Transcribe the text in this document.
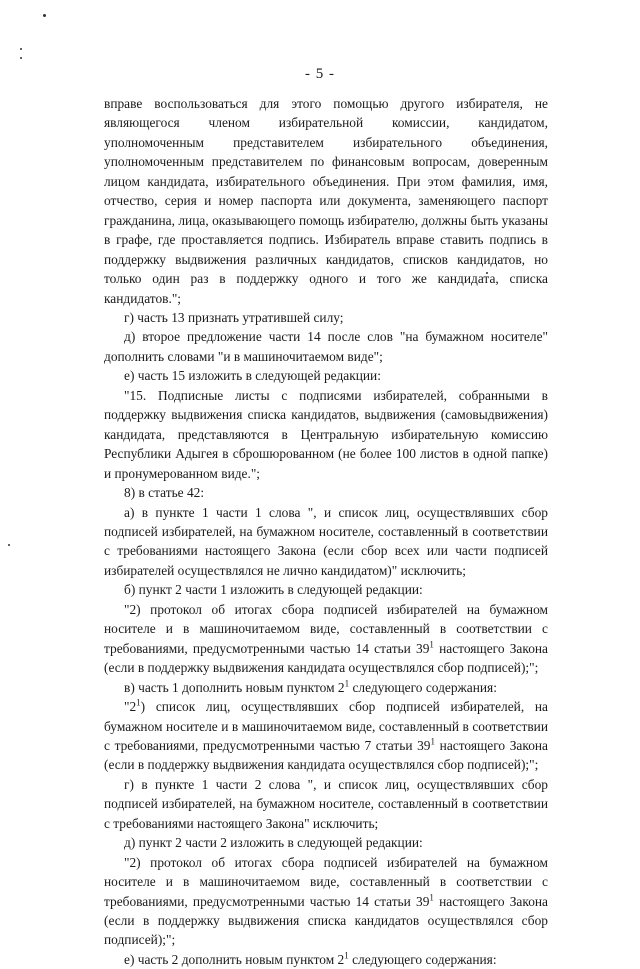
- 5 -

вправе воспользоваться для этого помощью другого избирателя, не являющегося членом избирательной комиссии, кандидатом, уполномоченным представителем избирательного объединения, уполномоченным представителем по финансовым вопросам, доверенным лицом кандидата, избирательного объединения. При этом фамилия, имя, отчество, серия и номер паспорта или документа, заменяющего паспорт гражданина, лица, оказывающего помощь избирателю, должны быть указаны в графе, где проставляется подпись. Избиратель вправе ставить подпись в поддержку выдвижения различных кандидатов, списков кандидатов, но только один раз в поддержку одного и того же кандидата, списка кандидатов.";

г) часть 13 признать утратившей силу;

д) второе предложение части 14 после слов "на бумажном носителе" дополнить словами "и в машиночитаемом виде";

е) часть 15 изложить в следующей редакции:

"15. Подписные листы с подписями избирателей, собранными в поддержку выдвижения списка кандидатов, выдвижения (самовыдвижения) кандидата, представляются в Центральную избирательную комиссию Республики Адыгея в сброшюрованном (не более 100 листов в одной папке) и пронумерованном виде.";

8) в статье 42:

а) в пункте 1 части 1 слова ", и список лиц, осуществлявших сбор подписей избирателей, на бумажном носителе, составленный в соответствии с требованиями настоящего Закона (если сбор всех или части подписей избирателей осуществлялся не лично кандидатом)" исключить;

б) пункт 2 части 1 изложить в следующей редакции:

"2) протокол об итогах сбора подписей избирателей на бумажном носителе и в машиночитаемом виде, составленный в соответствии с требованиями, предусмотренными частью 14 статьи $39^1$ настоящего Закона (если в поддержку выдвижения кандидата осуществлялся сбор подписей);";

в) часть 1 дополнить новым пунктом $2^1$ следующего содержания:

"$2^1$) список лиц, осуществлявших сбор подписей избирателей, на бумажном носителе и в машиночитаемом виде, составленный в соответствии с требованиями, предусмотренными частью 7 статьи $39^1$ настоящего Закона (если в поддержку выдвижения кандидата осуществлялся сбор подписей);";

г) в пункте 1 части 2 слова ", и список лиц, осуществлявших сбор подписей избирателей, на бумажном носителе, составленный в соответствии с требованиями настоящего Закона" исключить;

д) пункт 2 части 2 изложить в следующей редакции:

"2) протокол об итогах сбора подписей избирателей на бумажном носителе и в машиночитаемом виде, составленный в соответствии с требованиями, предусмотренными частью 14 статьи $39^1$ настоящего Закона (если в поддержку выдвижения списка кандидатов осуществлялся сбор подписей);";

е) часть 2 дополнить новым пунктом $2^1$ следующего содержания:
